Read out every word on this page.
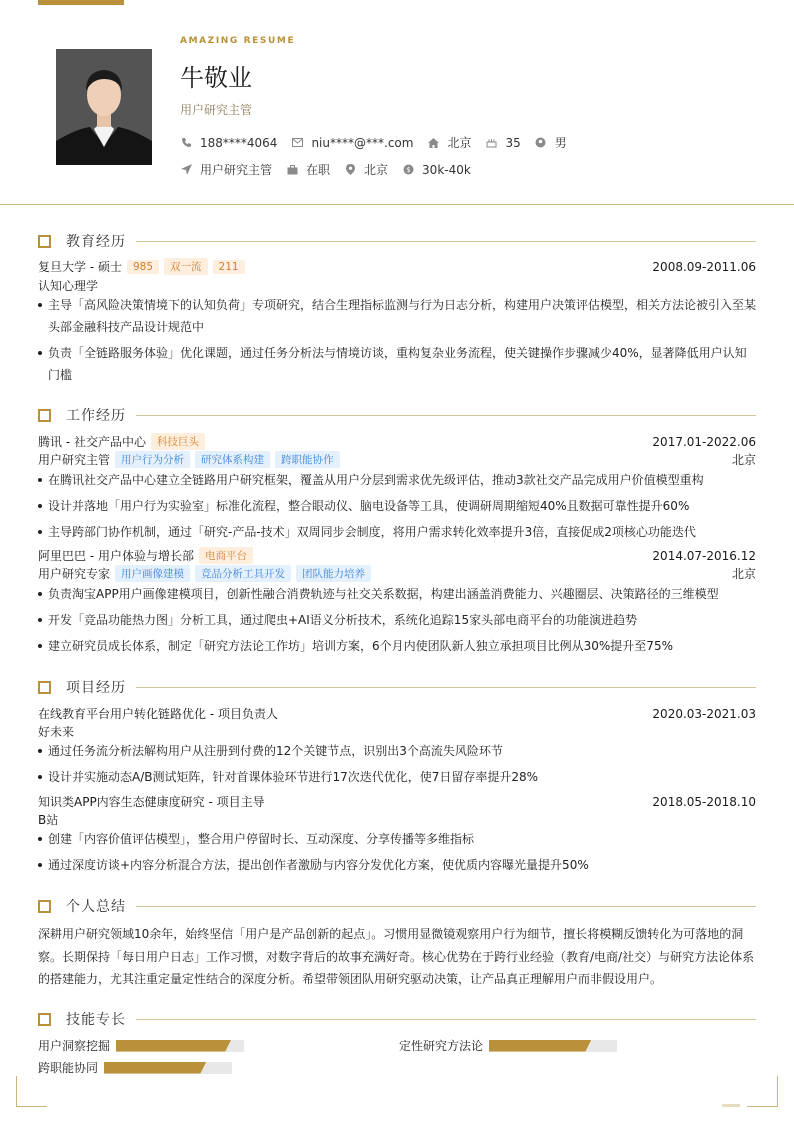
AMAZING RESUME
牛敬业
用户研究主管
188****4064	niu****@***.com	北京	35	男
用户研究主管	在职	北京	$ 30k-40k
教育经历
复旦大学 - 硕士	985	双一流	211	2008.09-2011.06
认知心理学
主导「高风险决策情境下的认知负荷」专项研究，结合生理指标监测与行为日志分析，构建用户决策评估模型，相关方法论被引入至某头部金融科技产品设计规范中
负责「全链路服务体验」优化课题，通过任务分析法与情境访谈，重构复杂业务流程，使关键操作步骤减少40%，显著降低用户认知门槛
工作经历
腾讯 - 社交产品中心	科技巨头	2017.01-2022.06
用户研究主管	用户行为分析	研究体系构建	跨职能协作	北京
在腾讯社交产品中心建立全链路用户研究框架，覆盖从用户分层到需求优先级评估，推动3款社交产品完成用户价值模型重构
设计并落地「用户行为实验室」标准化流程，整合眼动仪、脑电设备等工具，使调研周期缩短40%且数据可靠性提升60%
主导跨部门协作机制，通过「研究-产品-技术」双周同步会制度，将用户需求转化效率提升3倍，直接促成2项核心功能迭代
阿里巴巴 - 用户体验与增长部	电商平台	2014.07-2016.12
用户研究专家	用户画像建模	竞品分析工具开发	团队能力培养	北京
负责淘宝APP用户画像建模项目，创新性融合消费轨迹与社交关系数据，构建出涵盖消费能力、兴趣圈层、决策路径的三维模型
开发「竞品功能热力图」分析工具，通过爬虫+AI语义分析技术，系统化追踪15家头部电商平台的功能演进趋势
建立研究员成长体系，制定「研究方法论工作坊」培训方案，6个月内使团队新人独立承担项目比例从30%提升至75%
项目经历
在线教育平台用户转化链路优化 - 项目负责人	2020.03-2021.03
好未来
通过任务流分析法解构用户从注册到付费的12个关键节点，识别出3个高流失风险环节
设计并实施动态A/B测试矩阵，针对首课体验环节进行17次迭代优化，使7日留存率提升28%
知识类APP内容生态健康度研究 - 项目主导	2018.05-2018.10
B站
创建「内容价值评估模型」，整合用户停留时长、互动深度、分享传播等多维指标
通过深度访谈+内容分析混合方法，提出创作者激励与内容分发优化方案，使优质内容曝光量提升50%
个人总结
深耕用户研究领域10余年，始终坚信「用户是产品创新的起点」。习惯用显微镜观察用户行为细节，擅长将模糊反馈转化为可落地的洞察。长期保持「每日用户日志」工作习惯，对数字背后的故事充满好奇。核心优势在于跨行业经验（教育/电商/社交）与研究方法论体系的搭建能力，尤其注重定量定性结合的深度分析。希望带领团队用研究驱动决策，让产品真正理解用户而非假设用户。
技能专长
用户洞察挖掘	定性研究方法论
跨职能协同
